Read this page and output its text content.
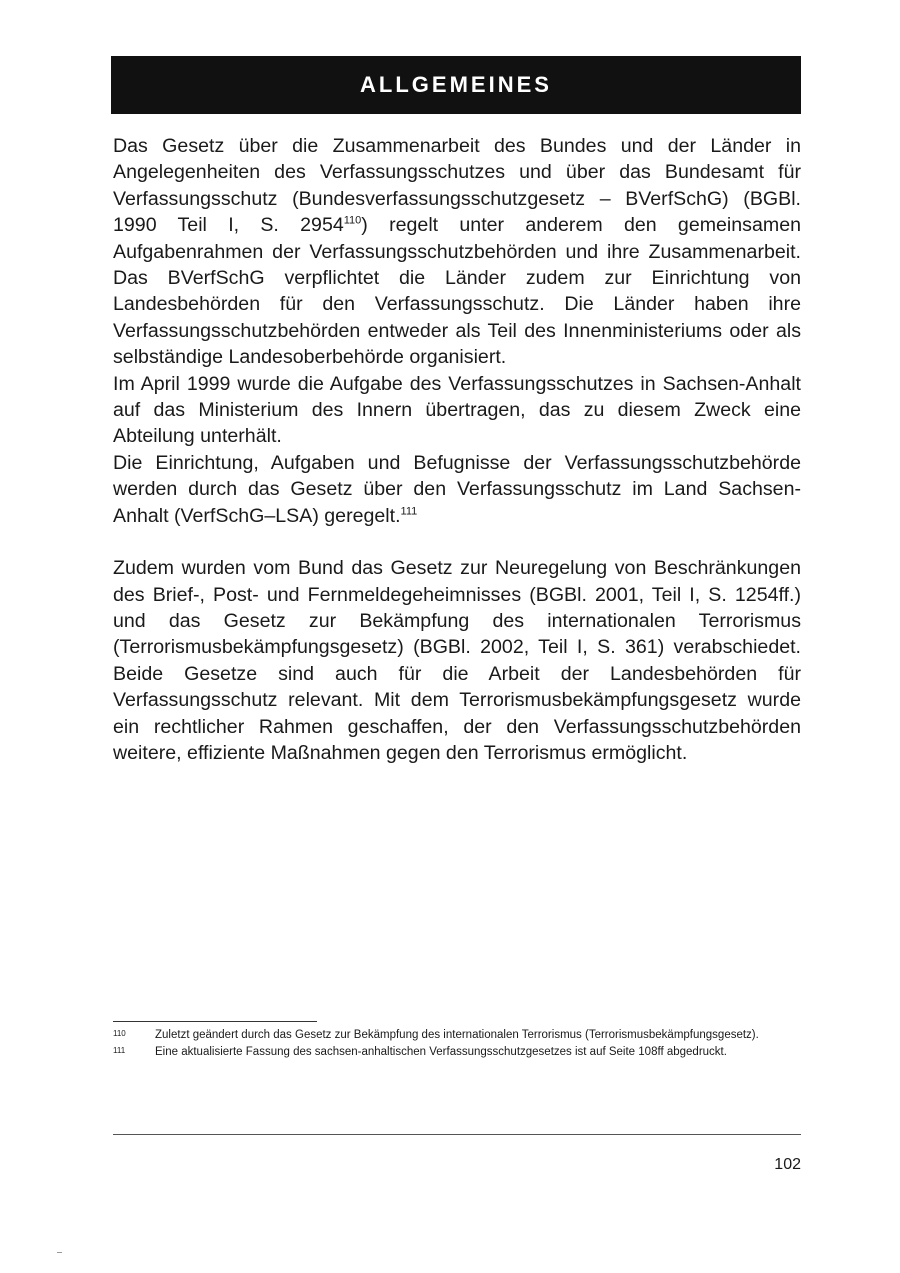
ALLGEMEINES

Das Gesetz über die Zusammenarbeit des Bundes und der Länder in Angelegenheiten des Verfassungsschutzes und über das Bundesamt für Verfassungsschutz (Bundesverfassungsschutzgesetz – BVerfSchG) (BGBl. 1990 Teil I, S. 2954$^{110}$) regelt unter anderem den gemeinsamen Aufgabenrahmen der Verfassungsschutzbehörden und ihre Zusammenarbeit. Das BVerfSchG verpflichtet die Länder zudem zur Einrichtung von Landesbehörden für den Verfassungsschutz. Die Länder haben ihre Verfassungsschutzbehörden entweder als Teil des Innenministeriums oder als selbständige Landesoberbehörde organisiert.

Im April 1999 wurde die Aufgabe des Verfassungsschutzes in Sachsen-Anhalt auf das Ministerium des Innern übertragen, das zu diesem Zweck eine Abteilung unterhält.

Die Einrichtung, Aufgaben und Befugnisse der Verfassungsschutzbehörde werden durch das Gesetz über den Verfassungsschutz im Land Sachsen-Anhalt (VerfSchG–LSA) geregelt.$^{111}$

Zudem wurden vom Bund das Gesetz zur Neuregelung von Beschränkungen des Brief-, Post- und Fernmeldegeheimnisses (BGBl. 2001, Teil I, S. 1254ff.) und das Gesetz zur Bekämpfung des internationalen Terrorismus (Terrorismusbekämpfungsgesetz) (BGBl. 2002, Teil I, S. 361) verabschiedet. Beide Gesetze sind auch für die Arbeit der Landesbehörden für Verfassungsschutz relevant. Mit dem Terrorismusbekämpfungsgesetz wurde ein rechtlicher Rahmen geschaffen, der den Verfassungsschutzbehörden weitere, effiziente Maßnahmen gegen den Terrorismus ermöglicht.

110	Zuletzt geändert durch das Gesetz zur Bekämpfung des internationalen Terrorismus (Terrorismusbekämpfungsgesetz).
111	Eine aktualisierte Fassung des sachsen-anhaltischen Verfassungsschutzgesetzes ist auf Seite 108ff abgedruckt.
102
